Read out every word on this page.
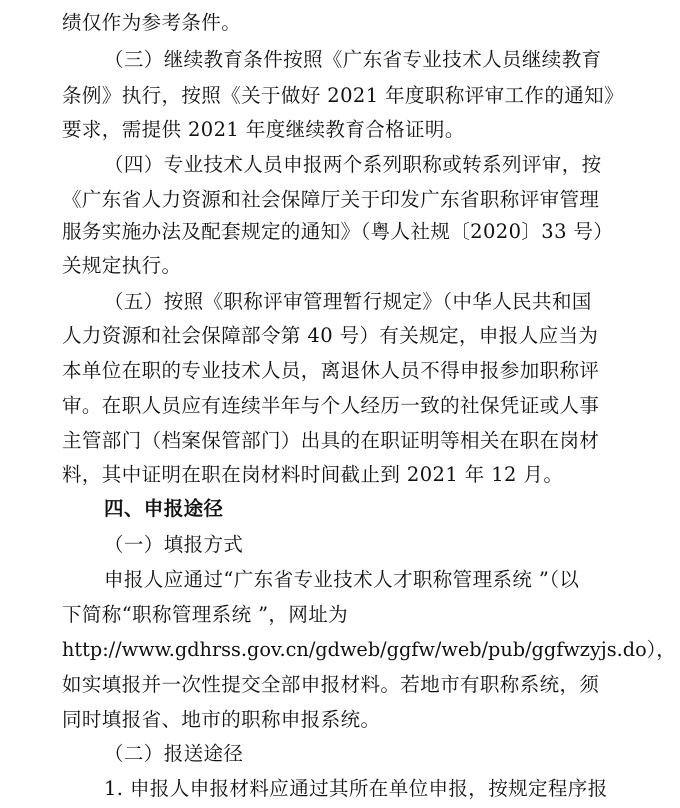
绩仅作为参考条件。
（三）继续教育条件按照《广东省专业技术人员继续教育
条例》执行，按照《关于做好 2021 年度职称评审工作的通知》
要求，需提供 2021 年度继续教育合格证明。
（四）专业技术人员申报两个系列职称或转系列评审，按
《广东省人力资源和社会保障厅关于印发广东省职称评审管理
服务实施办法及配套规定的通知》（粤人社规〔2020〕33 号）
关规定执行。
（五）按照《职称评审管理暂行规定》（中华人民共和国
人力资源和社会保障部令第 40 号）有关规定，申报人应当为
本单位在职的专业技术人员，离退休人员不得申报参加职称评
审。在职人员应有连续半年与个人经历一致的社保凭证或人事
主管部门（档案保管部门）出具的在职证明等相关在职在岗材
料，其中证明在职在岗材料时间截止到 2021 年 12 月。
四、申报途径
（一）填报方式
申报人应通过“广东省专业技术人才职称管理系统 ”（以
下简称“职称管理系统 ”，网址为
http://www.gdhrss.gov.cn/gdweb/ggfw/web/pub/ggfwzyjs.do），
如实填报并一次性提交全部申报材料。若地市有职称系统，须
同时填报省、地市的职称申报系统。
（二）报送途径
1. 申报人申报材料应通过其所在单位申报，按规定程序报
